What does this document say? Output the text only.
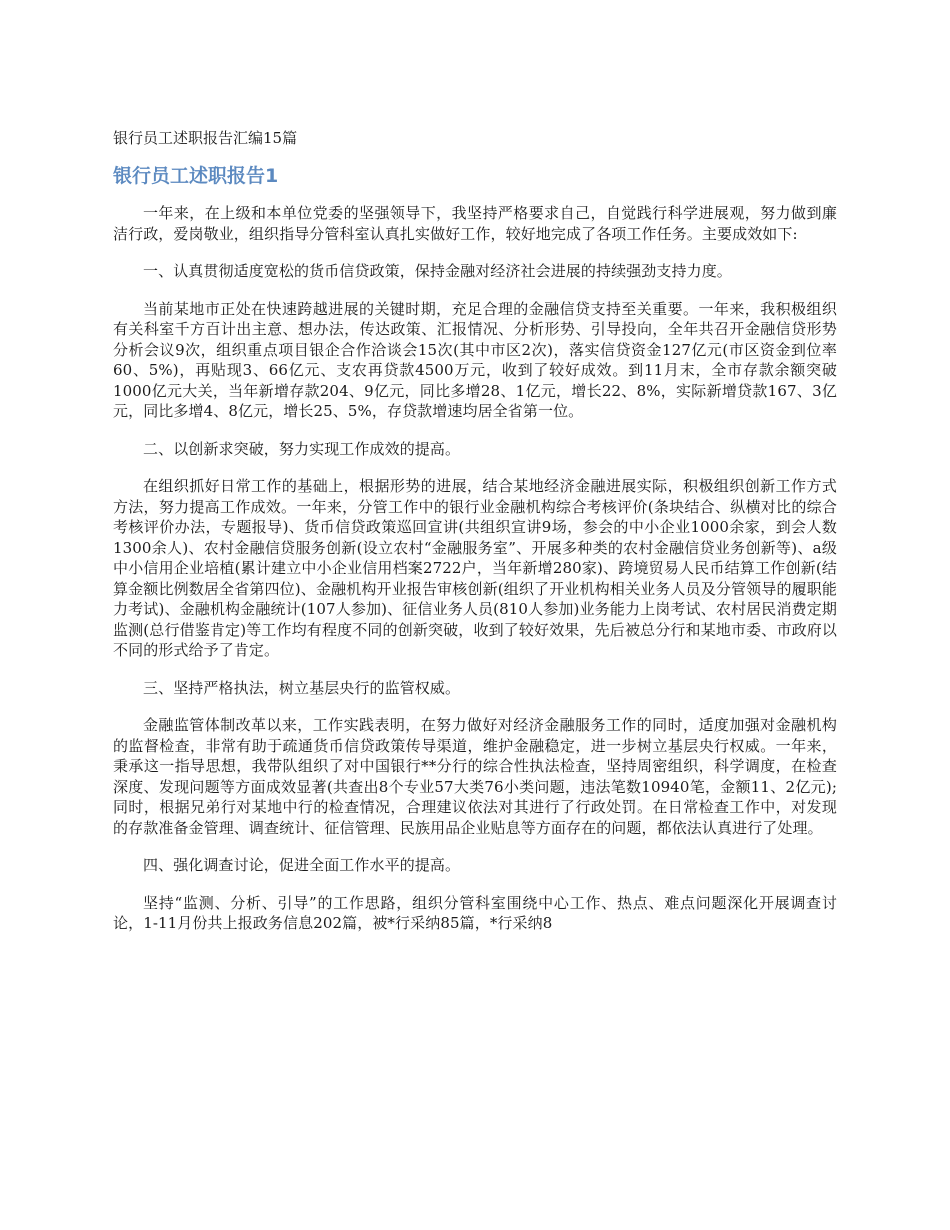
银行员工述职报告汇编15篇
银行员工述职报告1

一年来，在上级和本单位党委的坚强领导下，我坚持严格要求自己，自觉践行科学进展观，努力做到廉洁行政，爱岗敬业，组织指导分管科室认真扎实做好工作，较好地完成了各项工作任务。主要成效如下:

一、认真贯彻适度宽松的货币信贷政策，保持金融对经济社会进展的持续强劲支持力度。

当前某地市正处在快速跨越进展的关键时期，充足合理的金融信贷支持至关重要。一年来，我积极组织有关科室千方百计出主意、想办法，传达政策、汇报情况、分析形势、引导投向，全年共召开金融信贷形势分析会议9次，组织重点项目银企合作洽谈会15次(其中市区2次)，落实信贷资金127亿元(市区资金到位率60、5%)，再贴现3、66亿元、支农再贷款4500万元，收到了较好成效。到11月末，全市存款余额突破1000亿元大关，当年新增存款204、9亿元，同比多增28、1亿元，增长22、8%，实际新增贷款167、3亿元，同比多增4、8亿元，增长25、5%，存贷款增速均居全省第一位。

二、以创新求突破，努力实现工作成效的提高。

在组织抓好日常工作的基础上，根据形势的进展，结合某地经济金融进展实际，积极组织创新工作方式方法，努力提高工作成效。一年来，分管工作中的银行业金融机构综合考核评价(条块结合、纵横对比的综合考核评价办法，专题报导)、货币信贷政策巡回宣讲(共组织宣讲9场，参会的中小企业1000余家，到会人数1300余人)、农村金融信贷服务创新(设立农村“金融服务室”、开展多种类的农村金融信贷业务创新等)、a级中小信用企业培植(累计建立中小企业信用档案2722户，当年新增280家)、跨境贸易人民币结算工作创新(结算金额比例数居全省第四位)、金融机构开业报告审核创新(组织了开业机构相关业务人员及分管领导的履职能力考试)、金融机构金融统计(107人参加)、征信业务人员(810人参加)业务能力上岗考试、农村居民消费定期监测(总行借鉴肯定)等工作均有程度不同的创新突破，收到了较好效果，先后被总分行和某地市委、市政府以不同的形式给予了肯定。

三、坚持严格执法，树立基层央行的监管权威。

金融监管体制改革以来，工作实践表明，在努力做好对经济金融服务工作的同时，适度加强对金融机构的监督检查，非常有助于疏通货币信贷政策传导渠道，维护金融稳定，进一步树立基层央行权威。一年来，秉承这一指导思想，我带队组织了对中国银行**分行的综合性执法检查，坚持周密组织，科学调度，在检查深度、发现问题等方面成效显著(共查出8个专业57大类76小类问题，违法笔数10940笔，金额11、2亿元);同时，根据兄弟行对某地中行的检查情况，合理建议依法对其进行了行政处罚。在日常检查工作中，对发现的存款准备金管理、调查统计、征信管理、民族用品企业贴息等方面存在的问题，都依法认真进行了处理。

四、强化调查讨论，促进全面工作水平的提高。

坚持“监测、分析、引导”的工作思路，组织分管科室围绕中心工作、热点、难点问题深化开展调查讨论，1-11月份共上报政务信息202篇，被*行采纳85篇，*行采纳8
